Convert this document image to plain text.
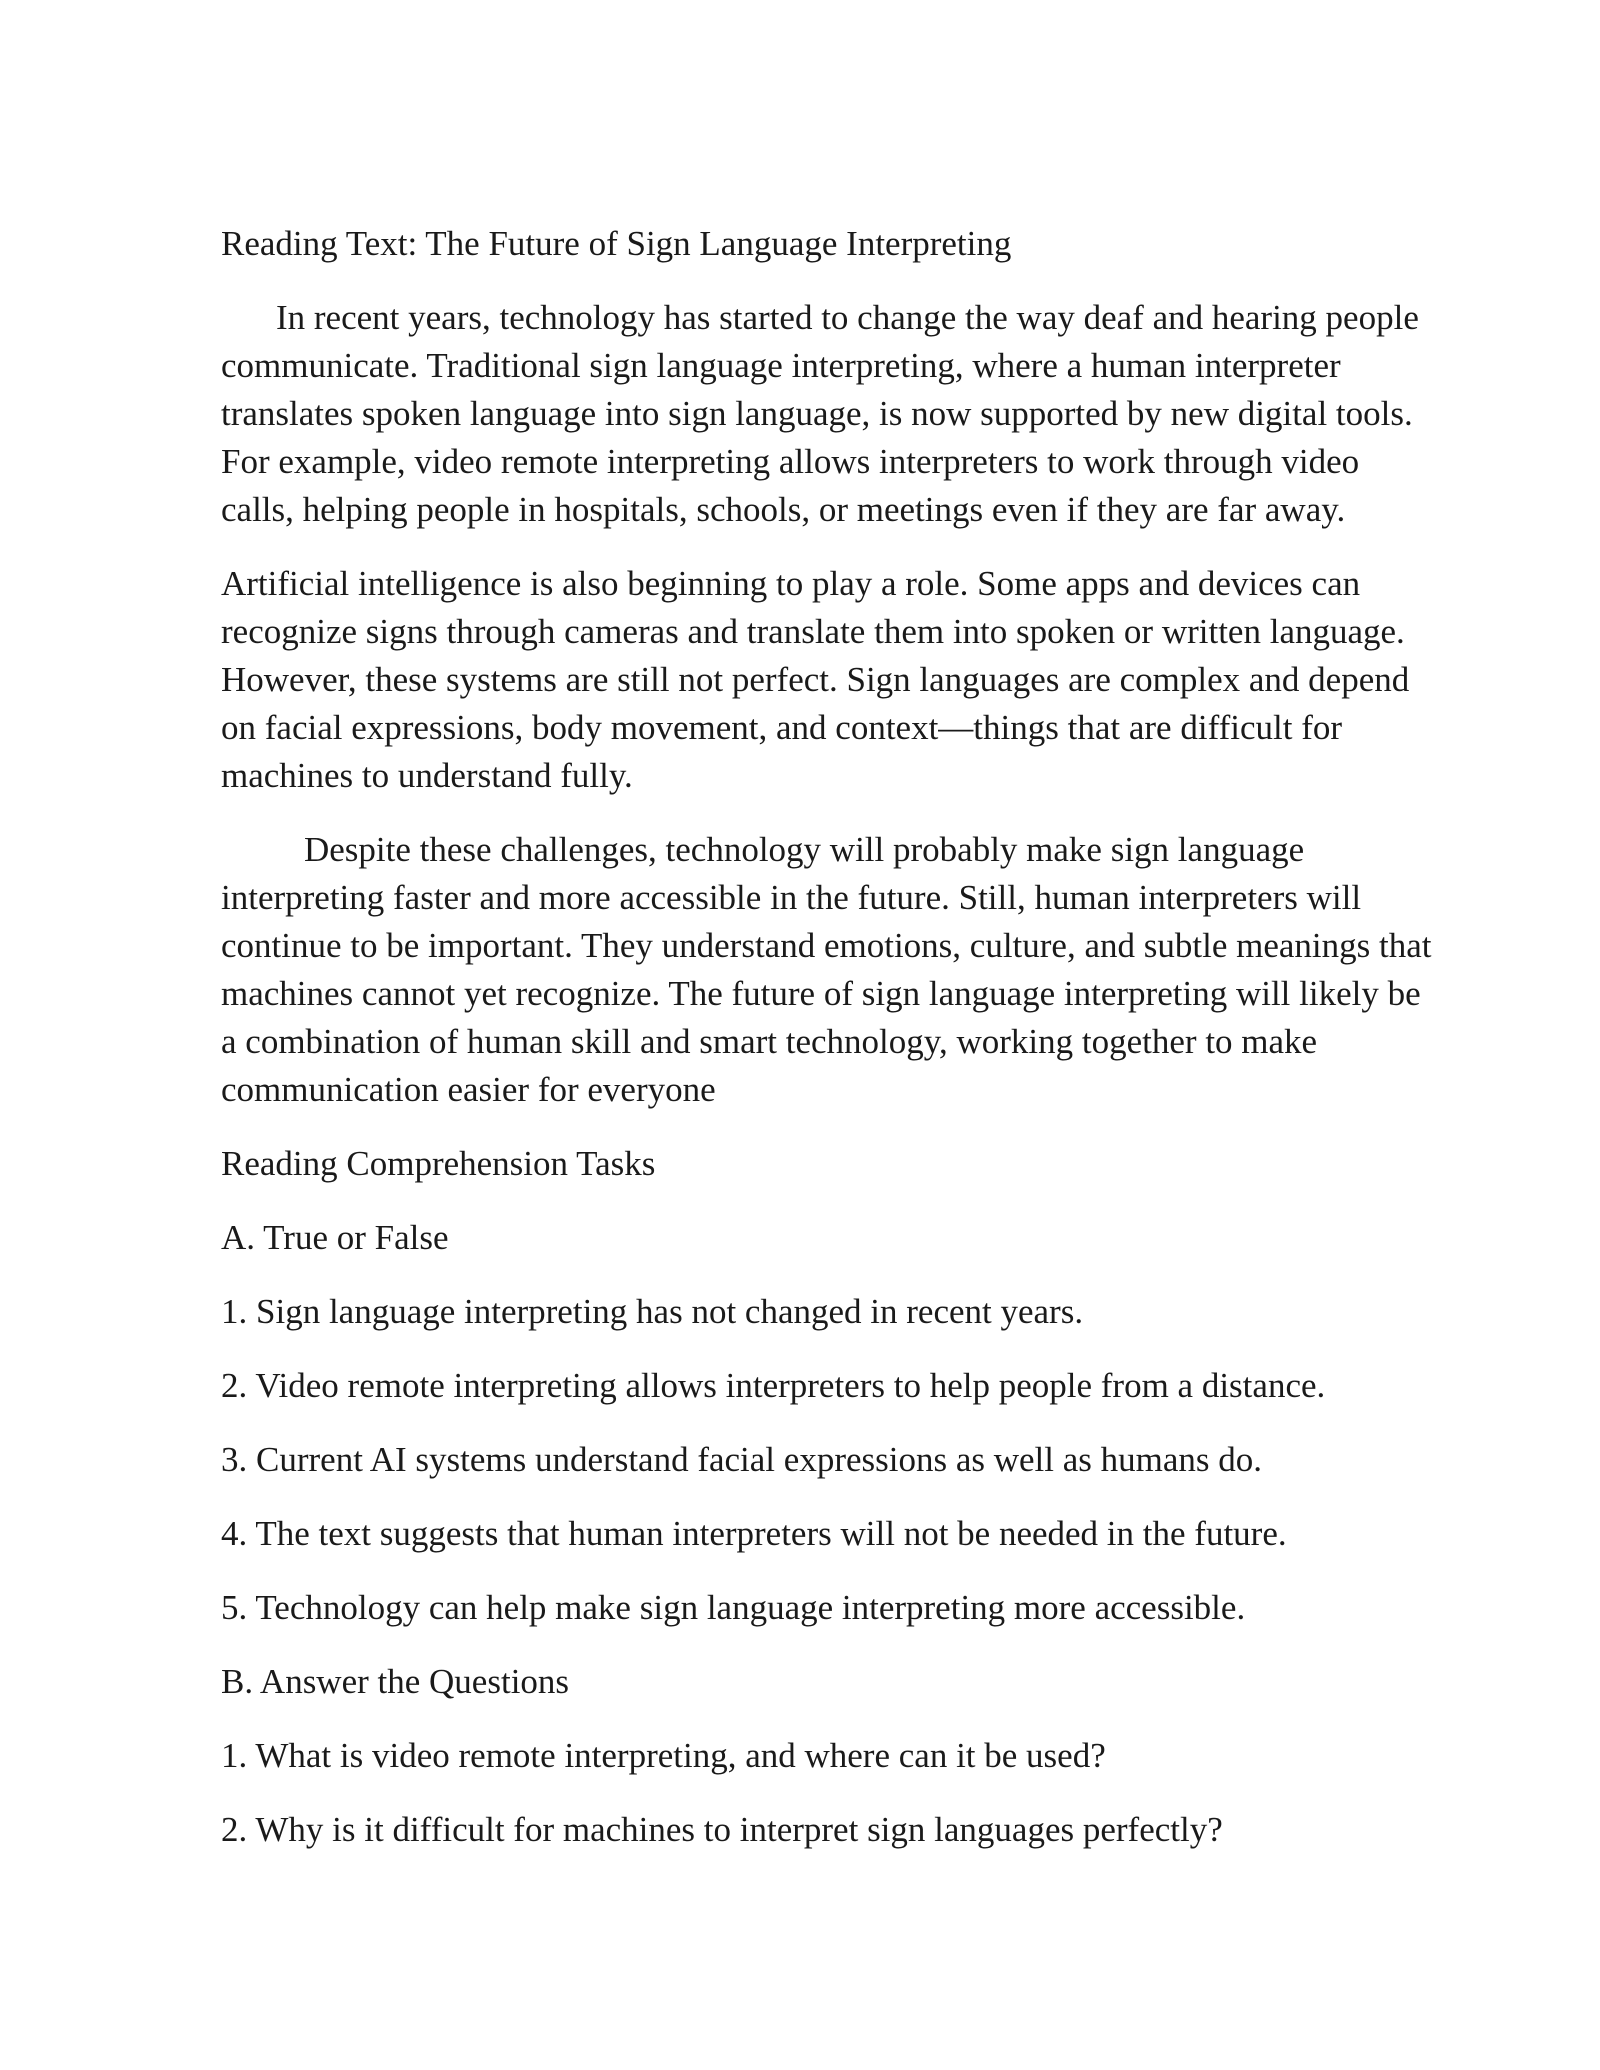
Reading Text: The Future of Sign Language Interpreting
In recent years, technology has started to change the way deaf and hearing people
communicate. Traditional sign language interpreting, where a human interpreter
translates spoken language into sign language, is now supported by new digital tools.
For example, video remote interpreting allows interpreters to work through video
calls, helping people in hospitals, schools, or meetings even if they are far away.
Artificial intelligence is also beginning to play a role. Some apps and devices can
recognize signs through cameras and translate them into spoken or written language.
However, these systems are still not perfect. Sign languages are complex and depend
on facial expressions, body movement, and context—things that are difficult for
machines to understand fully.
Despite these challenges, technology will probably make sign language
interpreting faster and more accessible in the future. Still, human interpreters will
continue to be important. They understand emotions, culture, and subtle meanings that
machines cannot yet recognize. The future of sign language interpreting will likely be
a combination of human skill and smart technology, working together to make
communication easier for everyone
Reading Comprehension Tasks
A. True or False
1. Sign language interpreting has not changed in recent years.
2. Video remote interpreting allows interpreters to help people from a distance.
3. Current AI systems understand facial expressions as well as humans do.
4. The text suggests that human interpreters will not be needed in the future.
5. Technology can help make sign language interpreting more accessible.
B. Answer the Questions
1. What is video remote interpreting, and where can it be used?
2. Why is it difficult for machines to interpret sign languages perfectly?
